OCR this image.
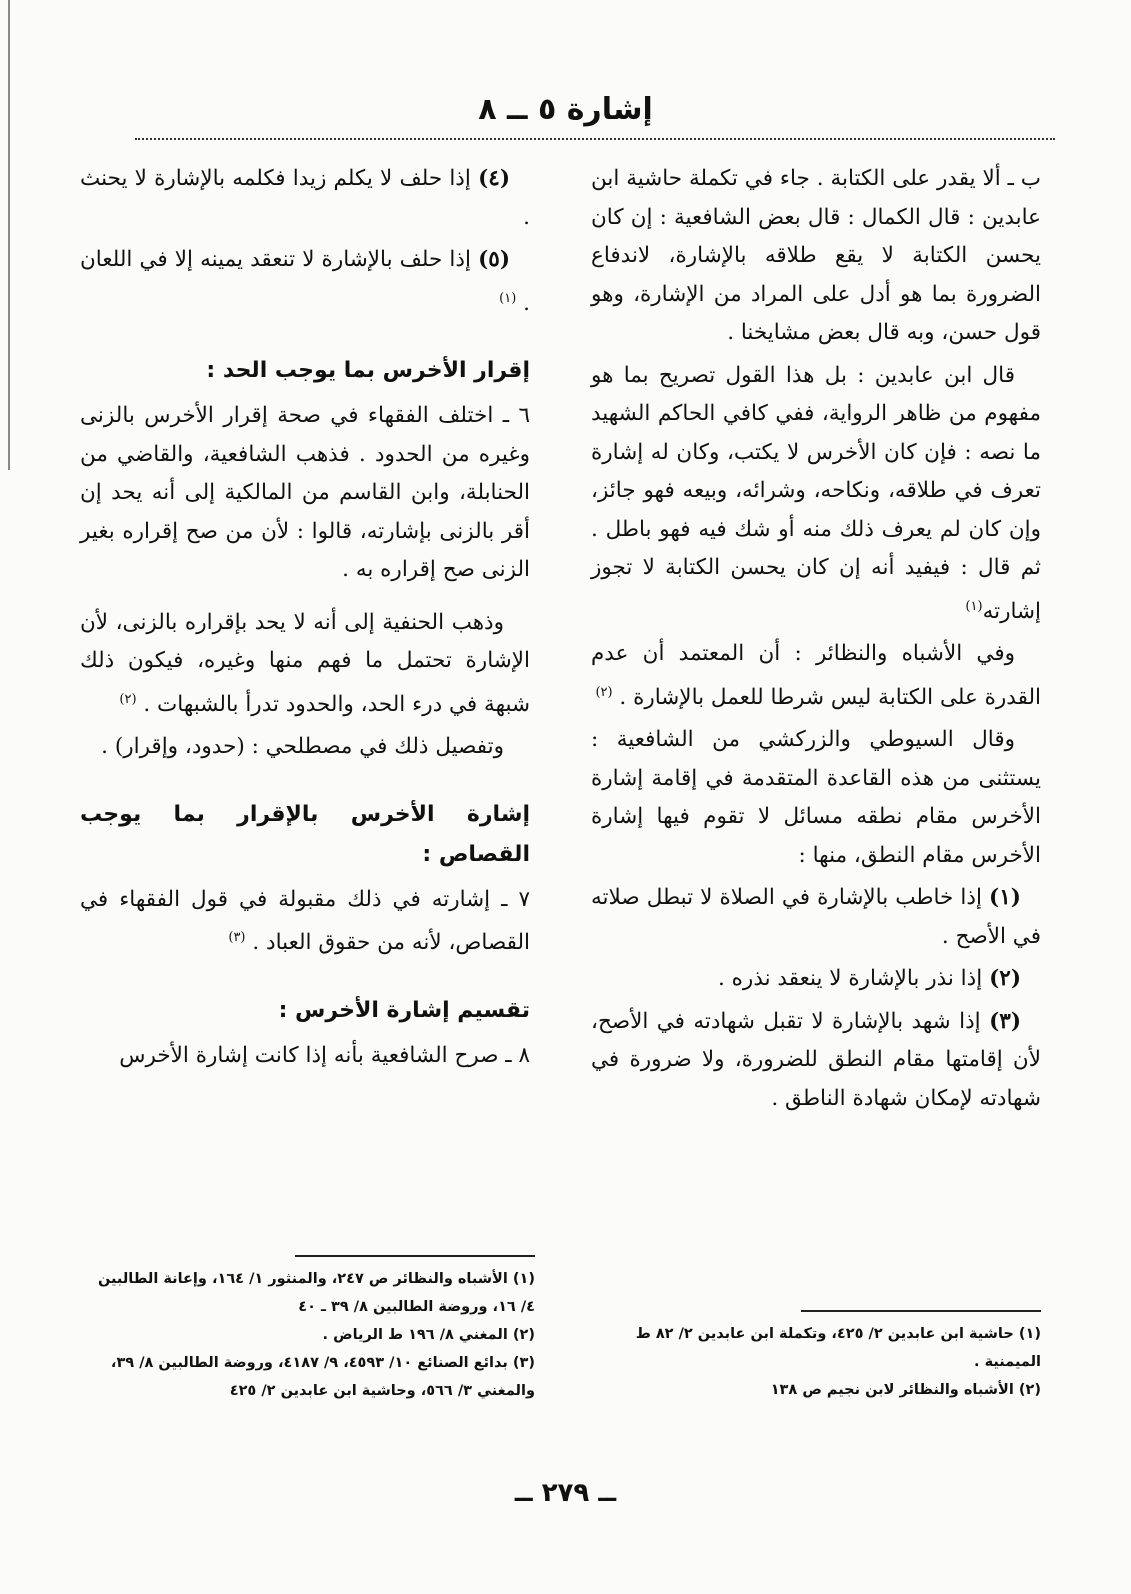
إشارة ٥ ــ ٨

ب ـ ألا يقدر على الكتابة . جاء في تكملة حاشية ابن عابدين : قال الكمال : قال بعض الشافعية : إن كان يحسن الكتابة لا يقع طلاقه بالإشارة، لاندفاع الضرورة بما هو أدل على المراد من الإشارة، وهو قول حسن، وبه قال بعض مشايخنا .

قال ابن عابدين : بل هذا القول تصريح بما هو مفهوم من ظاهر الرواية، ففي كافي الحاكم الشهيد ما نصه : فإن كان الأخرس لا يكتب، وكان له إشارة تعرف في طلاقه، ونكاحه، وشرائه، وبيعه فهو جائز، وإن كان لم يعرف ذلك منه أو شك فيه فهو باطل . ثم قال : فيفيد أنه إن كان يحسن الكتابة لا تجوز إشارته$^{(١)}$

وفي الأشباه والنظائر : أن المعتمد أن عدم القدرة على الكتابة ليس شرطا للعمل بالإشارة . $^{(٢)}$

وقال السيوطي والزركشي من الشافعية : يستثنى من هذه القاعدة المتقدمة في إقامة إشارة الأخرس مقام نطقه مسائل لا تقوم فيها إشارة الأخرس مقام النطق، منها :

(١) إذا خاطب بالإشارة في الصلاة لا تبطل صلاته في الأصح .

(٢) إذا نذر بالإشارة لا ينعقد نذره .

(٣) إذا شهد بالإشارة لا تقبل شهادته في الأصح، لأن إقامتها مقام النطق للضرورة، ولا ضرورة في شهادته لإمكان شهادة الناطق .

(٤) إذا حلف لا يكلم زيدا فكلمه بالإشارة لا يحنث .

(٥) إذا حلف بالإشارة لا تنعقد يمينه إلا في اللعان . $^{(١)}$

إقرار الأخرس بما يوجب الحد :

٦ ـ اختلف الفقهاء في صحة إقرار الأخرس بالزنى وغيره من الحدود . فذهب الشافعية، والقاضي من الحنابلة، وابن القاسم من المالكية إلى أنه يحد إن أقر بالزنى بإشارته، قالوا : لأن من صح إقراره بغير الزنى صح إقراره به .

وذهب الحنفية إلى أنه لا يحد بإقراره بالزنى، لأن الإشارة تحتمل ما فهم منها وغيره، فيكون ذلك شبهة في درء الحد، والحدود تدرأ بالشبهات . $^{(٢)}$

وتفصيل ذلك في مصطلحي : (حدود، وإقرار) .

إشارة الأخرس بالإقرار بما يوجب القصاص :

٧ ـ إشارته في ذلك مقبولة في قول الفقهاء في القصاص، لأنه من حقوق العباد . $^{(٣)}$

تقسيم إشارة الأخرس :

٨ ـ صرح الشافعية بأنه إذا كانت إشارة الأخرس

(١) حاشية ابن عابدين ٢/ ٤٢٥، وتكملة ابن عابدين ٢/ ٨٢ ط الميمنية .

(٢) الأشباه والنظائر لابن نجيم ص ١٣٨

(١) الأشباه والنظائر ص ٢٤٧، والمنثور ١/ ١٦٤، وإعانة الطالبين ٤/ ١٦، وروضة الطالبين ٨/ ٣٩ ـ ٤٠

(٢) المغني ٨/ ١٩٦ ط الرياض .

(٣) بدائع الصنائع ١٠/ ٤٥٩٣، ٩/ ٤١٨٧، وروضة الطالبين ٨/ ٣٩، والمغني ٣/ ٥٦٦، وحاشية ابن عابدين ٢/ ٤٢٥

ــ ٢٧٩ ــ
